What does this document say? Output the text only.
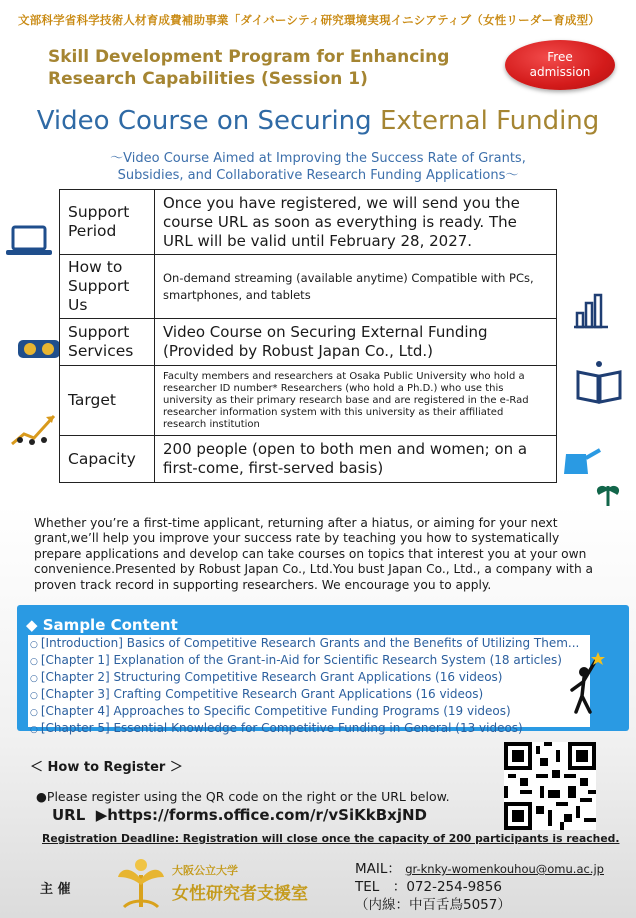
文部科学省科学技術人材育成費補助事業「ダイバーシティ研究環境実現イニシアティブ（女性リーダー育成型）
Skill Development Program for Enhancing Research Capabilities (Session 1)
Free
admission
Video Course on Securing External Funding
～Video Course Aimed at Improving the Success Rate of Grants,
Subsidies, and Collaborative Research Funding Applications～
Support Period	Once you have registered, we will send you the course URL as soon as everything is ready. The URL will be valid until February 28, 2027.
How to Support Us	On-demand streaming (available anytime) Compatible with PCs, smartphones, and tablets
Support Services	Video Course on Securing External Funding (Provided by Robust Japan Co., Ltd.)
Target	Faculty members and researchers at Osaka Public University who hold a researcher ID number* Researchers (who hold a Ph.D.) who use this university as their primary research base and are registered in the e-Rad researcher information system with this university as their affiliated research institution
Capacity	200 people (open to both men and women; on a first-come, first-served basis)
Whether you’re a first-time applicant, returning after a hiatus, or aiming for your next grant,we’ll help you improve your success rate by teaching you how to systematically prepare applications and develop can take courses on topics that interest you at your own convenience.Presented by Robust Japan Co., Ltd.You bust Japan Co., Ltd., a company with a proven track record in supporting researchers. We encourage you to apply.
◆ Sample Content
○ [Introduction] Basics of Competitive Research Grants and the Benefits of Utilizing Them...
○ [Chapter 1] Explanation of the Grant-in-Aid for Scientific Research System (18 articles)
○ [Chapter 2] Structuring Competitive Research Grant Applications (16 videos)
○ [Chapter 3] Crafting Competitive Research Grant Applications (16 videos)
○ [Chapter 4] Approaches to Specific Competitive Funding Programs (19 videos)
○ [Chapter 5] Essential Knowledge for Competitive Funding in General (13 videos)
＜ How to Register ＞
●Please register using the QR code on the right or the URL below.
URL ▶https://forms.office.com/r/vSiKkBxjND
Registration Deadline: Registration will close once the capacity of 200 participants is reached.
主 催
大阪公立大学
女性研究者支援室
MAIL： gr-knky-womenkouhou@omu.ac.jp
TEL　：072-254-9856
（内線：中百舌鳥5057）
